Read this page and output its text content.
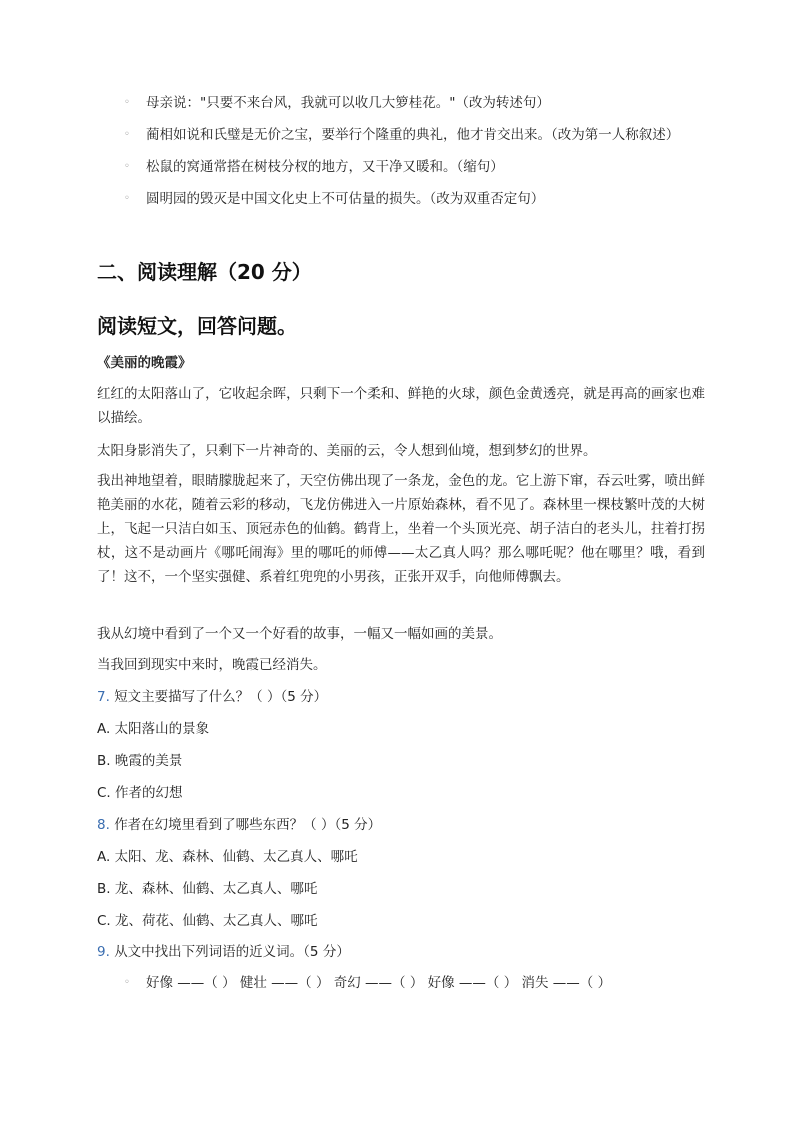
◦ 母亲说："只要不来台风，我就可以收几大箩桂花。"（改为转述句）
◦ 蔺相如说和氏璧是无价之宝，要举行个隆重的典礼，他才肯交出来。（改为第一人称叙述）
◦ 松鼠的窝通常搭在树枝分杈的地方，又干净又暖和。（缩句）
◦ 圆明园的毁灭是中国文化史上不可估量的损失。（改为双重否定句）
二、阅读理解（20 分）
阅读短文，回答问题。
《美丽的晚霞》

红红的太阳落山了，它收起余晖，只剩下一个柔和、鲜艳的火球，颜色金黄透亮，就是再高的画家也难以描绘。

太阳身影消失了，只剩下一片神奇的、美丽的云，令人想到仙境，想到梦幻的世界。

我出神地望着，眼睛朦胧起来了，天空仿佛出现了一条龙，金色的龙。它上游下窜，吞云吐雾，喷出鲜艳美丽的水花，随着云彩的移动，飞龙仿佛进入一片原始森林，看不见了。森林里一棵枝繁叶茂的大树上，飞起一只洁白如玉、顶冠赤色的仙鹤。鹤背上，坐着一个头顶光亮、胡子洁白的老头儿，拄着打拐杖，这不是动画片《哪吒闹海》里的哪吒的师傅——太乙真人吗？那么哪吒呢？他在哪里？哦，看到了！这不，一个坚实强健、系着红兜兜的小男孩，正张开双手，向他师傅飘去。

我从幻境中看到了一个又一个好看的故事，一幅又一幅如画的美景。

当我回到现实中来时，晚霞已经消失。

7. 短文主要描写了什么？（ ）（5 分）
A. 太阳落山的景象
B. 晚霞的美景
C. 作者的幻想
8. 作者在幻境里看到了哪些东西？（ ）（5 分）
A. 太阳、龙、森林、仙鹤、太乙真人、哪吒
B. 龙、森林、仙鹤、太乙真人、哪吒
C. 龙、荷花、仙鹤、太乙真人、哪吒
9. 从文中找出下列词语的近义词。（5 分）
◦ 好像 ——（ ） 健壮 ——（ ） 奇幻 ——（ ） 好像 ——（ ） 消失 ——（ ）
